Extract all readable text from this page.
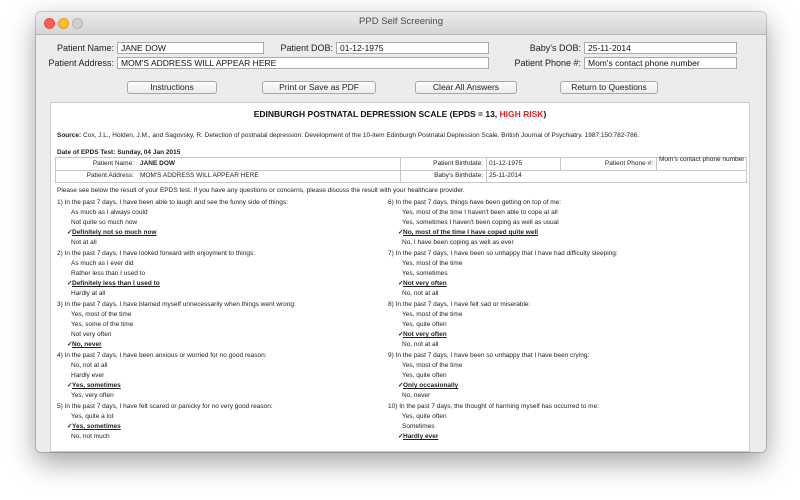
PPD Self Screening
Patient Name: JANE DOW	Patient DOB: 01-12-1975	Baby's DOB: 25-11-2014
Patient Address: MOM'S ADDRESS WILL APPEAR HERE	Patient Phone #: Mom's contact phone number
Instructions	Print or Save as PDF	Clear All Answers	Return to Questions
EDINBURGH POSTNATAL DEPRESSION SCALE (EPDS = 13, HIGH RISK)
Source: Cox, J.L., Holden, J.M., and Sagovsky, R. Detection of postnatal depression: Development of the 10-item Edinburgh Postnatal Depression Scale. British Journal of Psychiatry. 1987;150:782-786.
Date of EPDS Test: Sunday, 04 Jan 2015
Patient Name: JANE DOW	Patient Birthdate: 01-12-1975	Patient Phone #:
Mom's contact phone number
Patient Address: MOM'S ADDRESS WILL APPEAR HERE	Baby's Birthdate: 25-11-2014
Please see below the result of your EPDS test. If you have any questions or concerns, please discuss the result with your healthcare provider.
1) In the past 7 days, I have been able to laugh and see the funny side of things:
As much as I always could
Not quite so much now
✓Definitely not so much now
Not at all
2) In the past 7 days, I have looked forward with enjoyment to things:
As much as I ever did
Rather less than I used to
✓Definitely less than I used to
Hardly at all
3) In the past 7 days, I have blamed myself unnecessarily when things went wrong:
Yes, most of the time
Yes, some of the time
Not very often
✓No, never
4) In the past 7 days, I have been anxious or worried for no good reason:
No, not at all
Hardly ever
✓Yes, sometimes
Yes, very often
5) In the past 7 days, I have felt scared or panicky for no very good reason:
Yes, quite a lot
✓Yes, sometimes
No, not much
6) In the past 7 days, things have been getting on top of me:
Yes, most of the time I haven't been able to cope at all
Yes, sometimes I haven't been coping as well as usual
✓No, most of the time I have coped quite well
No, I have been coping as well as ever
7) In the past 7 days, I have been so unhappy that I have had difficulty sleeping:
Yes, most of the time
Yes, sometimes
✓Not very often
No, not at all
8) In the past 7 days, I have felt sad or miserable:
Yes, most of the time
Yes, quite often
✓Not very often
No, not at all
9) In the past 7 days, I have been so unhappy that I have been crying:
Yes, most of the time
Yes, quite often
✓Only occasionally
No, never
10) In the past 7 days, the thought of harming myself has occurred to me:
Yes, quite often
Sometimes
✓Hardly ever
